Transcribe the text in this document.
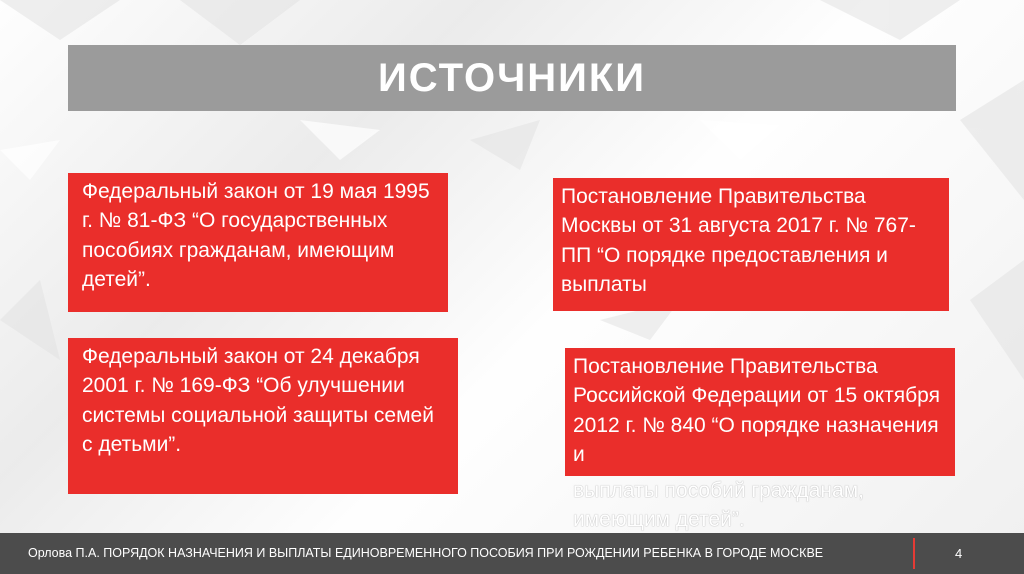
ИСТОЧНИКИ
Федеральный закон от 19 мая 1995 г. № 81-ФЗ “О государственных пособиях гражданам, имеющим детей”.
Постановление Правительства Москвы от 31 августа 2017 г. № 767-ПП “О порядке предоставления и выплаты
Федеральный закон от 24 декабря 2001 г. № 169-ФЗ “Об улучшении системы социальной защиты семей с детьми”.
Постановление Правительства Российской Федерации от 15 октября 2012 г. № 840 “О порядке назначения и
выплаты пособий гражданам,
имеющим детей”.
Орлова П.А. ПОРЯДОК НАЗНАЧЕНИЯ И ВЫПЛАТЫ ЕДИНОВРЕМЕННОГО ПОСОБИЯ ПРИ РОЖДЕНИИ РЕБЕНКА В ГОРОДЕ МОСКВЕ	4
